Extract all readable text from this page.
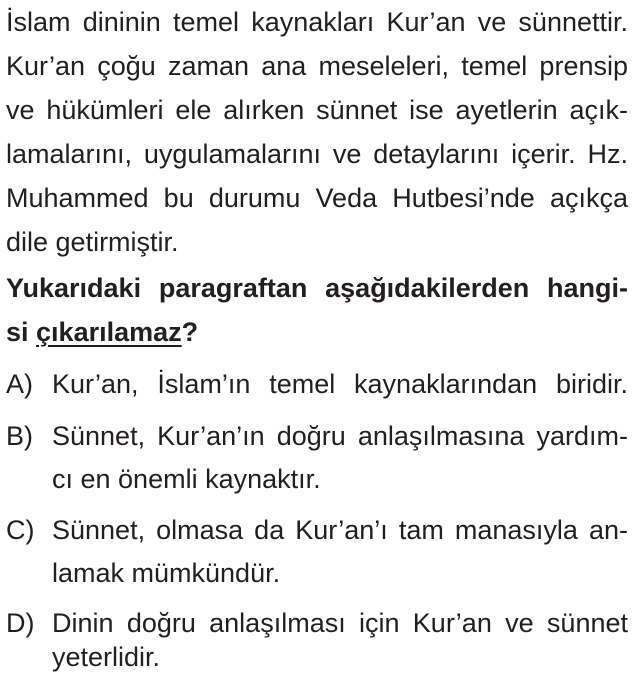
İslam dininin temel kaynakları Kur’an ve sünnettir.
Kur’an çoğu zaman ana meseleleri, temel prensip
ve hükümleri ele alırken sünnet ise ayetlerin açık-
lamalarını, uygulamalarını ve detaylarını içerir. Hz.
Muhammed bu durumu Veda Hutbesi’nde açıkça
dile getirmiştir.
Yukarıdaki paragraftan aşağıdakilerden hangi-
si çıkarılamaz?
A) Kur’an, İslam’ın temel kaynaklarından biridir.
B) Sünnet, Kur’an’ın doğru anlaşılmasına yardım-
cı en önemli kaynaktır.
C) Sünnet, olmasa da Kur’an’ı tam manasıyla an-
lamak mümkündür.
D) Dinin doğru anlaşılması için Kur’an ve sünnet
yeterlidir.
